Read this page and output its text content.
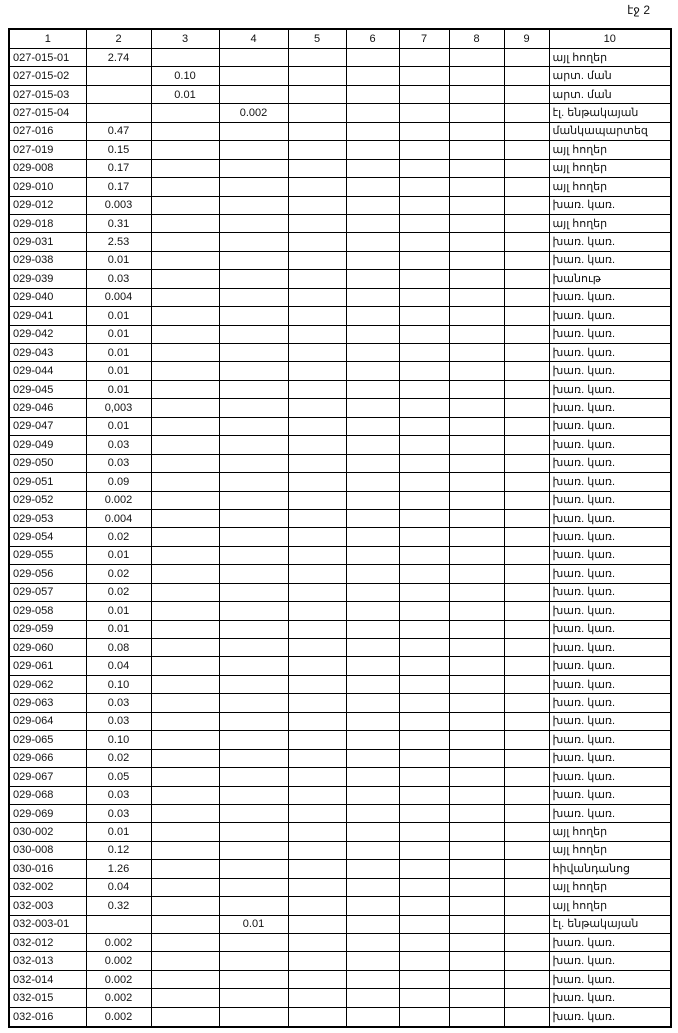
էջ 2
1	2	3	4	5	6	7	8	9	10
027-015-01	2.74								այլ հողեր
027-015-02		0.10							արտ. ման
027-015-03		0.01							արտ. ման
027-015-04			0.002						էլ. ենթակայան
027-016	0.47								մանկապարտեզ
027-019	0.15								այլ հողեր
029-008	0.17								այլ հողեր
029-010	0.17								այլ հողեր
029-012	0.003								խառ. կառ.
029-018	0.31								այլ հողեր
029-031	2.53								խառ. կառ.
029-038	0.01								խառ. կառ.
029-039	0.03								խանութ
029-040	0.004								խառ. կառ.
029-041	0.01								խառ. կառ.
029-042	0.01								խառ. կառ.
029-043	0.01								խառ. կառ.
029-044	0.01								խառ. կառ.
029-045	0.01								խառ. կառ.
029-046	0,003								խառ. կառ.
029-047	0.01								խառ. կառ.
029-049	0.03								խառ. կառ.
029-050	0.03								խառ. կառ.
029-051	0.09								խառ. կառ.
029-052	0.002								խառ. կառ.
029-053	0.004								խառ. կառ.
029-054	0.02								խառ. կառ.
029-055	0.01								խառ. կառ.
029-056	0.02								խառ. կառ.
029-057	0.02								խառ. կառ.
029-058	0.01								խառ. կառ.
029-059	0.01								խառ. կառ.
029-060	0.08								խառ. կառ.
029-061	0.04								խառ. կառ.
029-062	0.10								խառ. կառ.
029-063	0.03								խառ. կառ.
029-064	0.03								խառ. կառ.
029-065	0.10								խառ. կառ.
029-066	0.02								խառ. կառ.
029-067	0.05								խառ. կառ.
029-068	0.03								խառ. կառ.
029-069	0.03								խառ. կառ.
030-002	0.01								այլ հողեր
030-008	0.12								այլ հողեր
030-016	1.26								հիվանդանոց
032-002	0.04								այլ հողեր
032-003	0.32								այլ հողեր
032-003-01			0.01						էլ. ենթակայան
032-012	0.002								խառ. կառ.
032-013	0.002								խառ. կառ.
032-014	0.002								խառ. կառ.
032-015	0.002								խառ. կառ.
032-016	0.002								խառ. կառ.
